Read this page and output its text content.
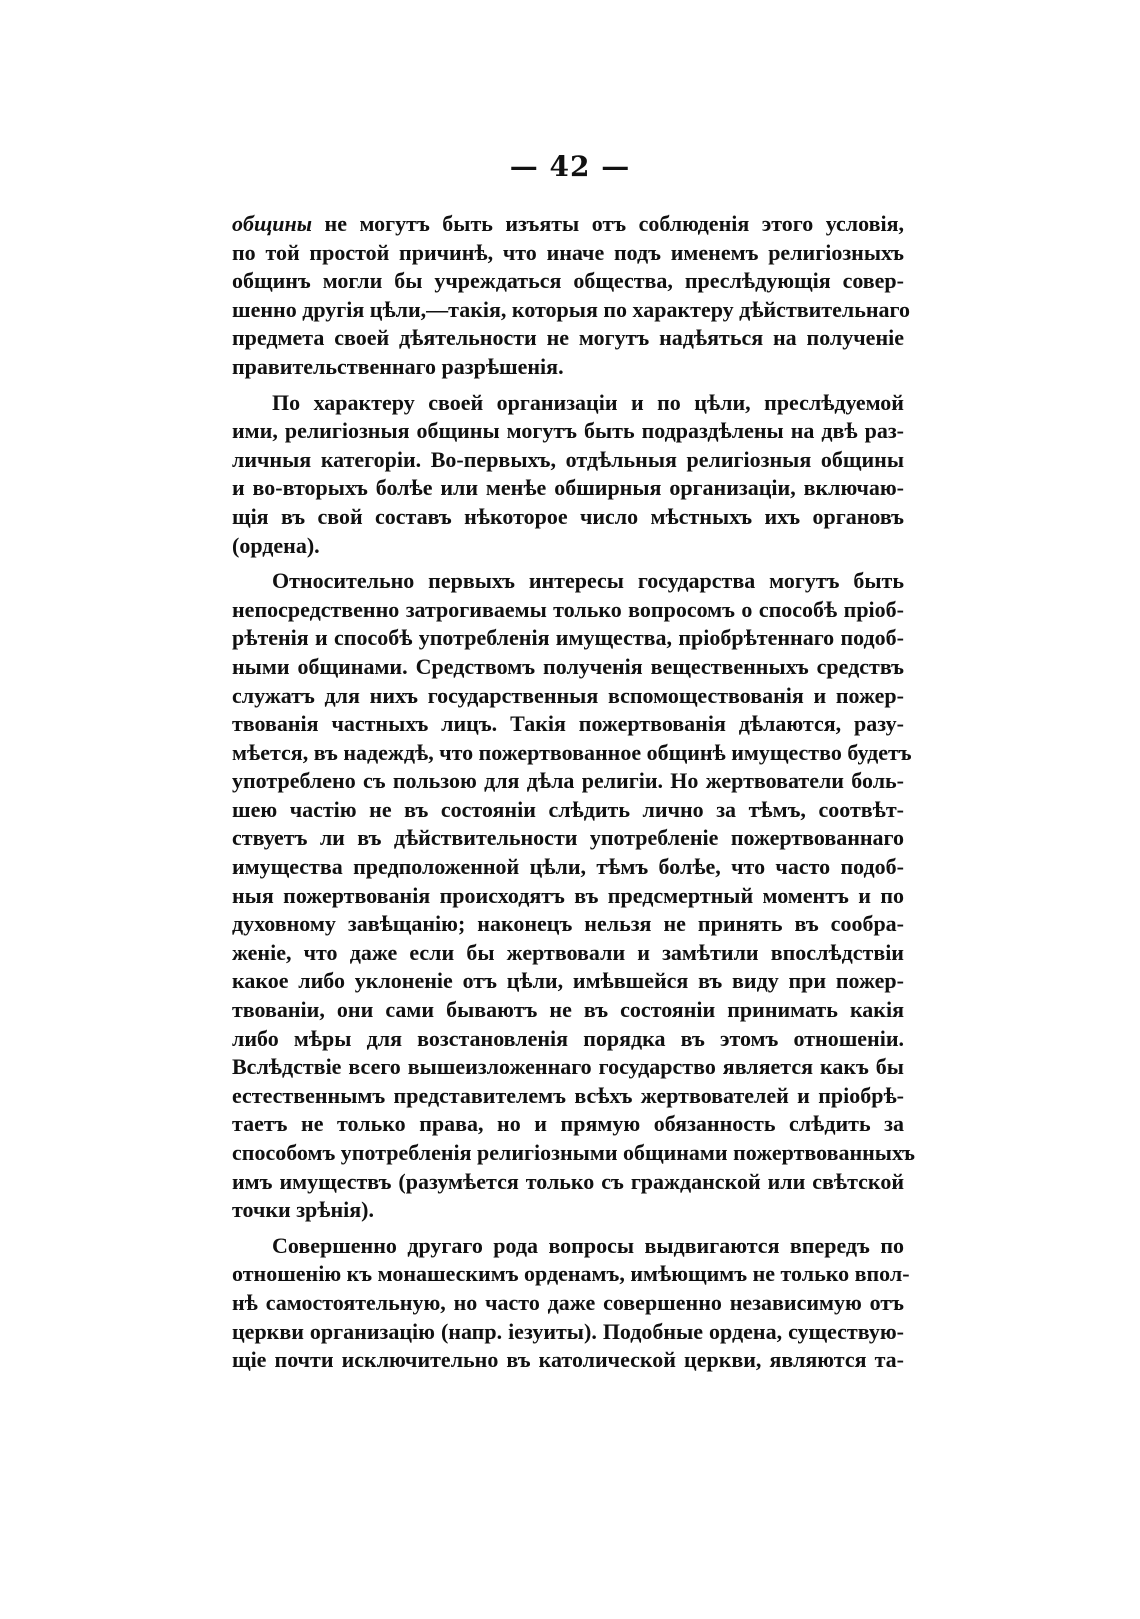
— 42 —
общины не могутъ быть изъяты отъ соблюденія этого условія,
по той простой причинѣ, что иначе подъ именемъ религіозныхъ
общинъ могли бы учреждаться общества, преслѣдующія совер-
шенно другія цѣли,—такія, которыя по характеру дѣйствительнаго
предмета своей дѣятельности не могутъ надѣяться на полученіе
правительственнаго разрѣшенія.
По характеру своей организаціи и по цѣли, преслѣдуемой
ими, религіозныя общины могутъ быть подраздѣлены на двѣ раз-
личныя категоріи. Во-первыхъ, отдѣльныя религіозныя общины
и во-вторыхъ болѣе или менѣе обширныя организаціи, включаю-
щія въ свой составъ нѣкоторое число мѣстныхъ ихъ органовъ
(ордена).
Относительно первыхъ интересы государства могутъ быть
непосредственно затрогиваемы только вопросомъ о способѣ пріоб-
рѣтенія и способѣ употребленія имущества, пріобрѣтеннаго подоб-
ными общинами. Средствомъ полученія вещественныхъ средствъ
служатъ для нихъ государственныя вспомоществованія и пожер-
твованія частныхъ лицъ. Такія пожертвованія дѣлаются, разу-
мѣется, въ надеждѣ, что пожертвованное общинѣ имущество будетъ
употреблено съ пользою для дѣла религіи. Но жертвователи боль-
шею частію не въ состояніи слѣдить лично за тѣмъ, соотвѣт-
ствуетъ ли въ дѣйствительности употребленіе пожертвованнаго
имущества предположенной цѣли, тѣмъ болѣе, что часто подоб-
ныя пожертвованія происходятъ въ предсмертный моментъ и по
духовному завѣщанію; наконецъ нельзя не принять въ сообра-
женіе, что даже если бы жертвовали и замѣтили впослѣдствіи
какое либо уклоненіе отъ цѣли, имѣвшейся въ виду при пожер-
твованіи, они сами бываютъ не въ состояніи принимать какія
либо мѣры для возстановленія порядка въ этомъ отношеніи.
Вслѣдствіе всего вышеизложеннаго государство является какъ бы
естественнымъ представителемъ всѣхъ жертвователей и пріобрѣ-
таетъ не только права, но и прямую обязанность слѣдить за
способомъ употребленія религіозными общинами пожертвованныхъ
имъ имуществъ (разумѣется только съ гражданской или свѣтской
точки зрѣнія).
Совершенно другаго рода вопросы выдвигаются впередъ по
отношенію къ монашескимъ орденамъ, имѣющимъ не только впол-
нѣ самостоятельную, но часто даже совершенно независимую отъ
церкви организацію (напр. іезуиты). Подобные ордена, существую-
щіе почти исключительно въ католической церкви, являются та-
